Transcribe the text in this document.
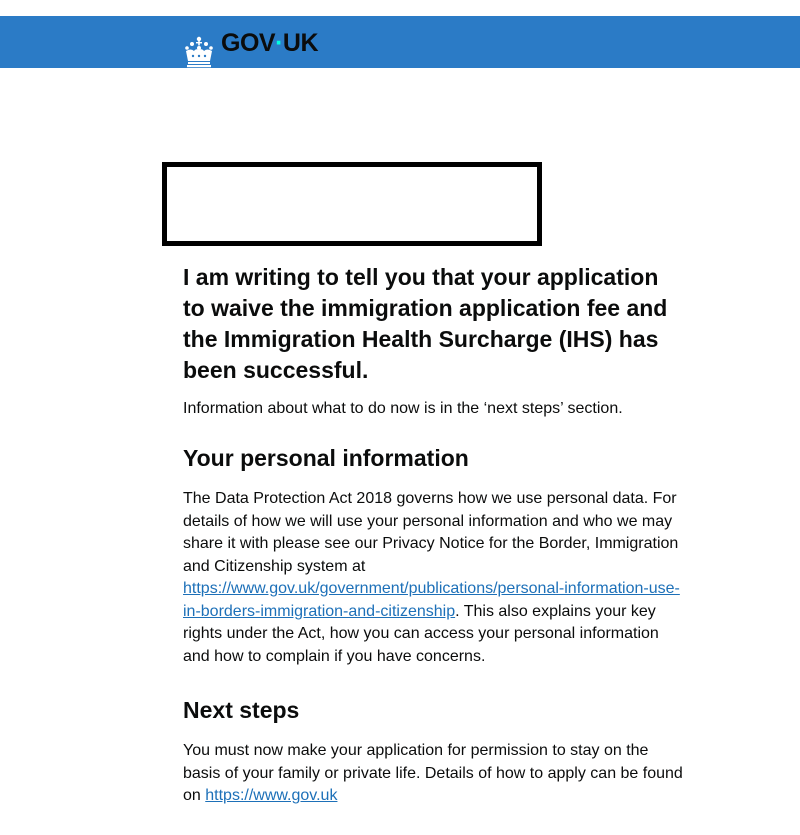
GOV·UK
I am writing to tell you that your application to waive the immigration application fee and the Immigration Health Surcharge (IHS) has been successful.

Information about what to do now is in the ‘next steps’ section.

Your personal information

The Data Protection Act 2018 governs how we use personal data. For details of how we will use your personal information and who we may share it with please see our Privacy Notice for the Border, Immigration and Citizenship system at https://www.gov.uk/government/publications/personal-information-use-in-borders-immigration-and-citizenship. This also explains your key rights under the Act, how you can access your personal information and how to complain if you have concerns.

Next steps

You must now make your application for permission to stay on the basis of your family or private life. Details of how to apply can be found on https://www.gov.uk
